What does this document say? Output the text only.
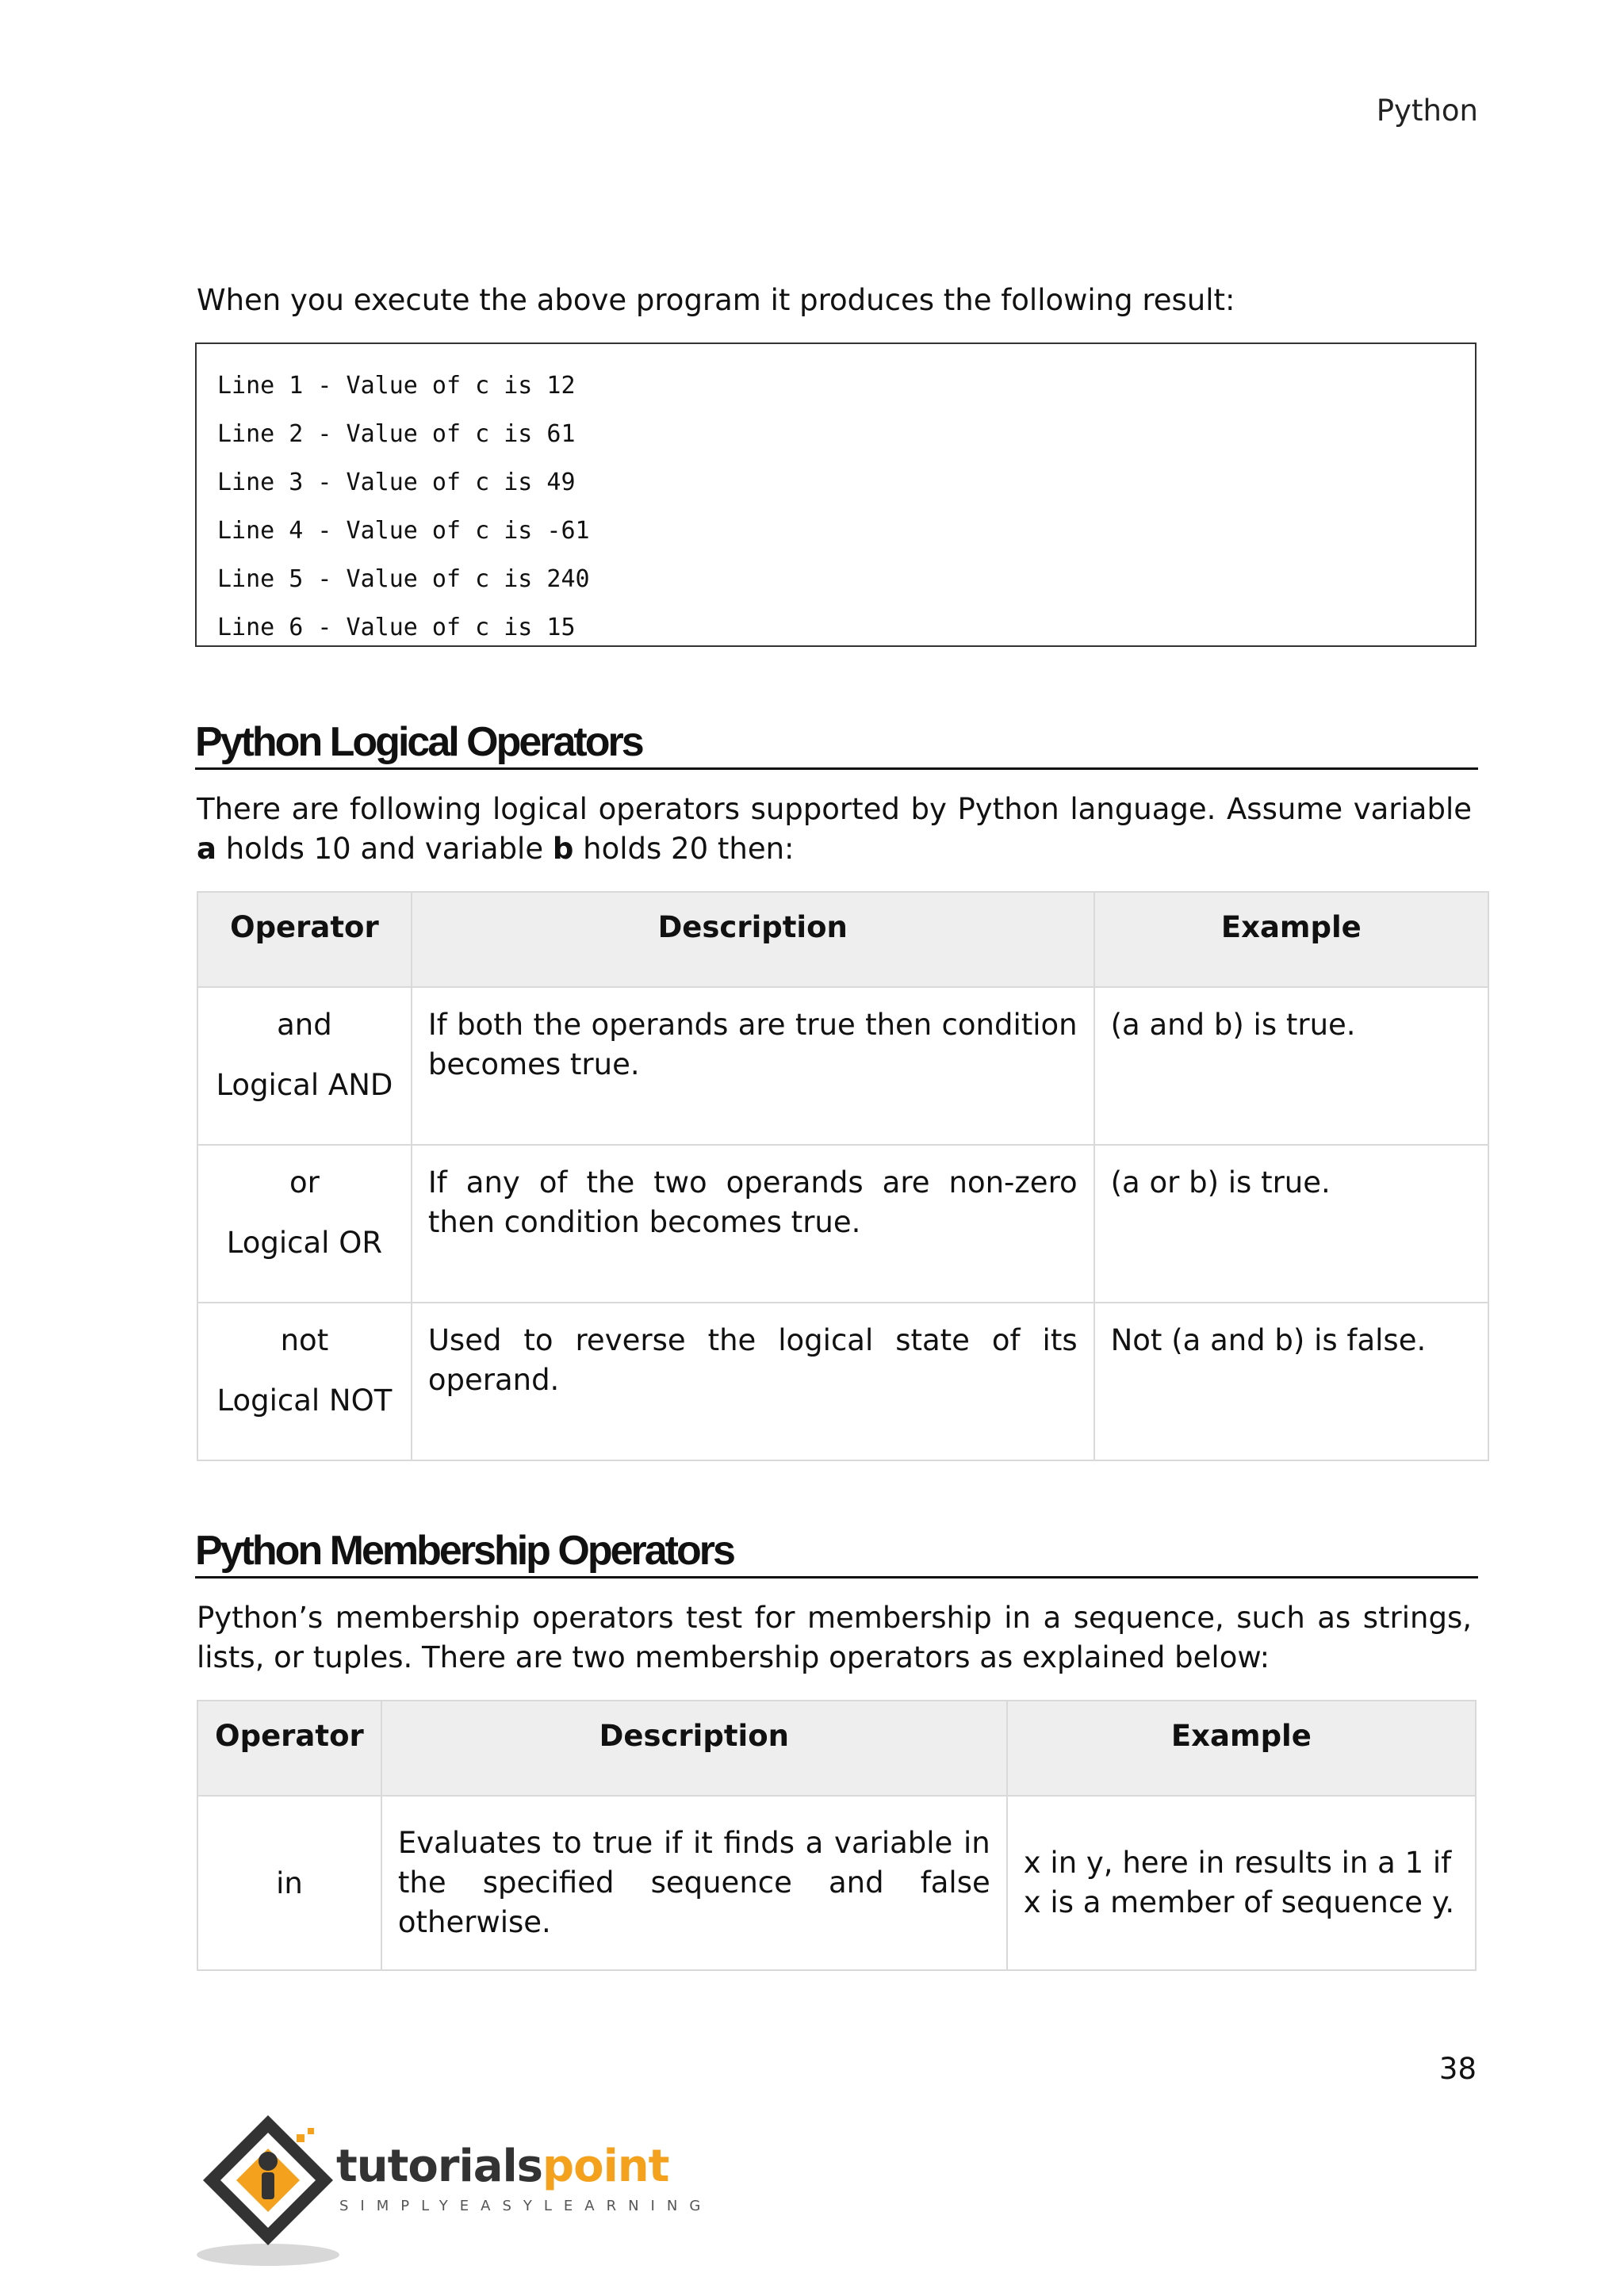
Python
When you execute the above program it produces the following result:
Line 1 - Value of c is 12
Line 2 - Value of c is 61
Line 3 - Value of c is 49
Line 4 - Value of c is -61
Line 5 - Value of c is 240
Line 6 - Value of c is 15
Python Logical Operators
There are following logical operators supported by Python language. Assume variable a holds 10 and variable b holds 20 then:
Operator	Description	Example

and
Logical AND	If both the operands are true then condition becomes true.	(a and b) is true.

or
Logical OR	If any of the two operands are non-zero then condition becomes true.	(a or b) is true.

not
Logical NOT	Used to reverse the logical state of its operand.	Not (a and b) is false.
Python Membership Operators
Python’s membership operators test for membership in a sequence, such as strings, lists, or tuples. There are two membership operators as explained below:
Operator	Description	Example
in	Evaluates to true if it finds a variable in the specified sequence and false otherwise.	x in y, here in results in a 1 if x is a member of sequence y.
38
tutorialspoint
SIMPLYEASYLEARNING
